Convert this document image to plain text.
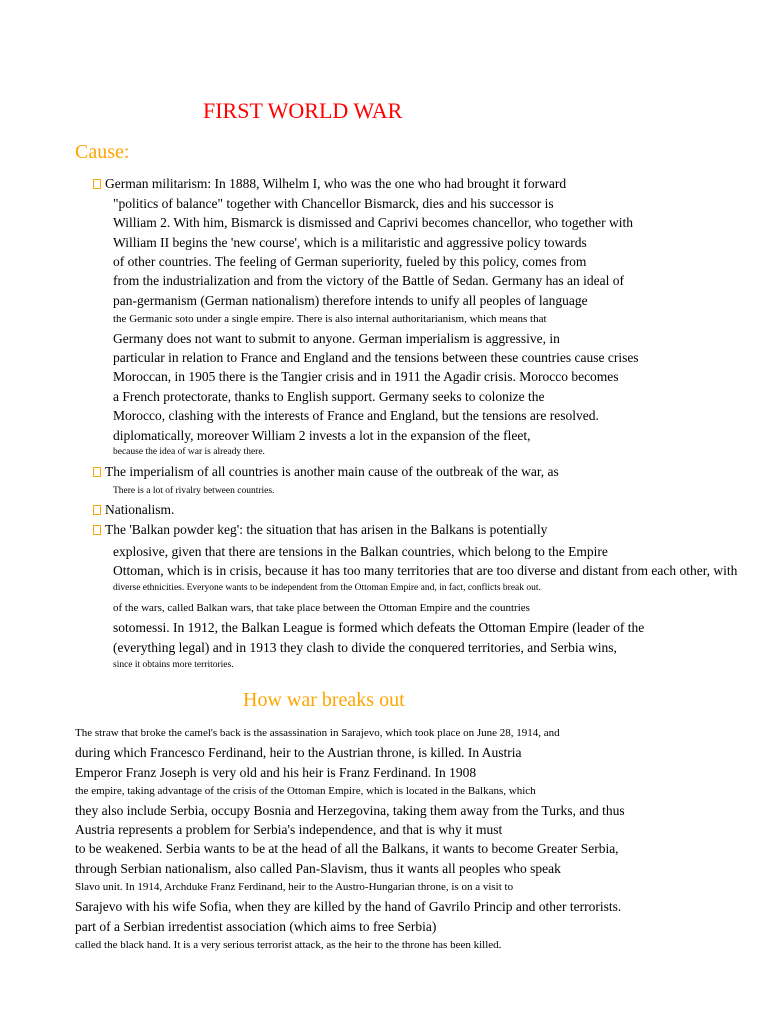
FIRST WORLD WAR
Cause:
German militarism: In 1888, Wilhelm I, who was the one who had brought it forward
"politics of balance" together with Chancellor Bismarck, dies and his successor is
William 2. With him, Bismarck is dismissed and Caprivi becomes chancellor, who together with
William II begins the 'new course', which is a militaristic and aggressive policy towards
of other countries. The feeling of German superiority, fueled by this policy, comes from
from the industrialization and from the victory of the Battle of Sedan. Germany has an ideal of
pan-germanism (German nationalism) therefore intends to unify all peoples of language
the Germanic soto under a single empire. There is also internal authoritarianism, which means that
Germany does not want to submit to anyone. German imperialism is aggressive, in
particular in relation to France and England and the tensions between these countries cause crises
Moroccan, in 1905 there is the Tangier crisis and in 1911 the Agadir crisis. Morocco becomes
a French protectorate, thanks to English support. Germany seeks to colonize the
Morocco, clashing with the interests of France and England, but the tensions are resolved.
diplomatically, moreover William 2 invests a lot in the expansion of the fleet,
because the idea of war is already there.
The imperialism of all countries is another main cause of the outbreak of the war, as
There is a lot of rivalry between countries.
Nationalism.
The 'Balkan powder keg': the situation that has arisen in the Balkans is potentially
explosive, given that there are tensions in the Balkan countries, which belong to the Empire
Ottoman, which is in crisis, because it has too many territories that are too diverse and distant from each other, with
diverse ethnicities. Everyone wants to be independent from the Ottoman Empire and, in fact, conflicts break out.
of the wars, called Balkan wars, that take place between the Ottoman Empire and the countries
sotomessi. In 1912, the Balkan League is formed which defeats the Ottoman Empire (leader of the
(everything legal) and in 1913 they clash to divide the conquered territories, and Serbia wins,
since it obtains more territories.
How war breaks out
The straw that broke the camel's back is the assassination in Sarajevo, which took place on June 28, 1914, and
during which Francesco Ferdinand, heir to the Austrian throne, is killed. In Austria
Emperor Franz Joseph is very old and his heir is Franz Ferdinand. In 1908
the empire, taking advantage of the crisis of the Ottoman Empire, which is located in the Balkans, which
they also include Serbia, occupy Bosnia and Herzegovina, taking them away from the Turks, and thus
Austria represents a problem for Serbia's independence, and that is why it must
to be weakened. Serbia wants to be at the head of all the Balkans, it wants to become Greater Serbia,
through Serbian nationalism, also called Pan-Slavism, thus it wants all peoples who speak
Slavo unit. In 1914, Archduke Franz Ferdinand, heir to the Austro-Hungarian throne, is on a visit to
Sarajevo with his wife Sofia, when they are killed by the hand of Gavrilo Princip and other terrorists.
part of a Serbian irredentist association (which aims to free Serbia)
called the black hand. It is a very serious terrorist attack, as the heir to the throne has been killed.
